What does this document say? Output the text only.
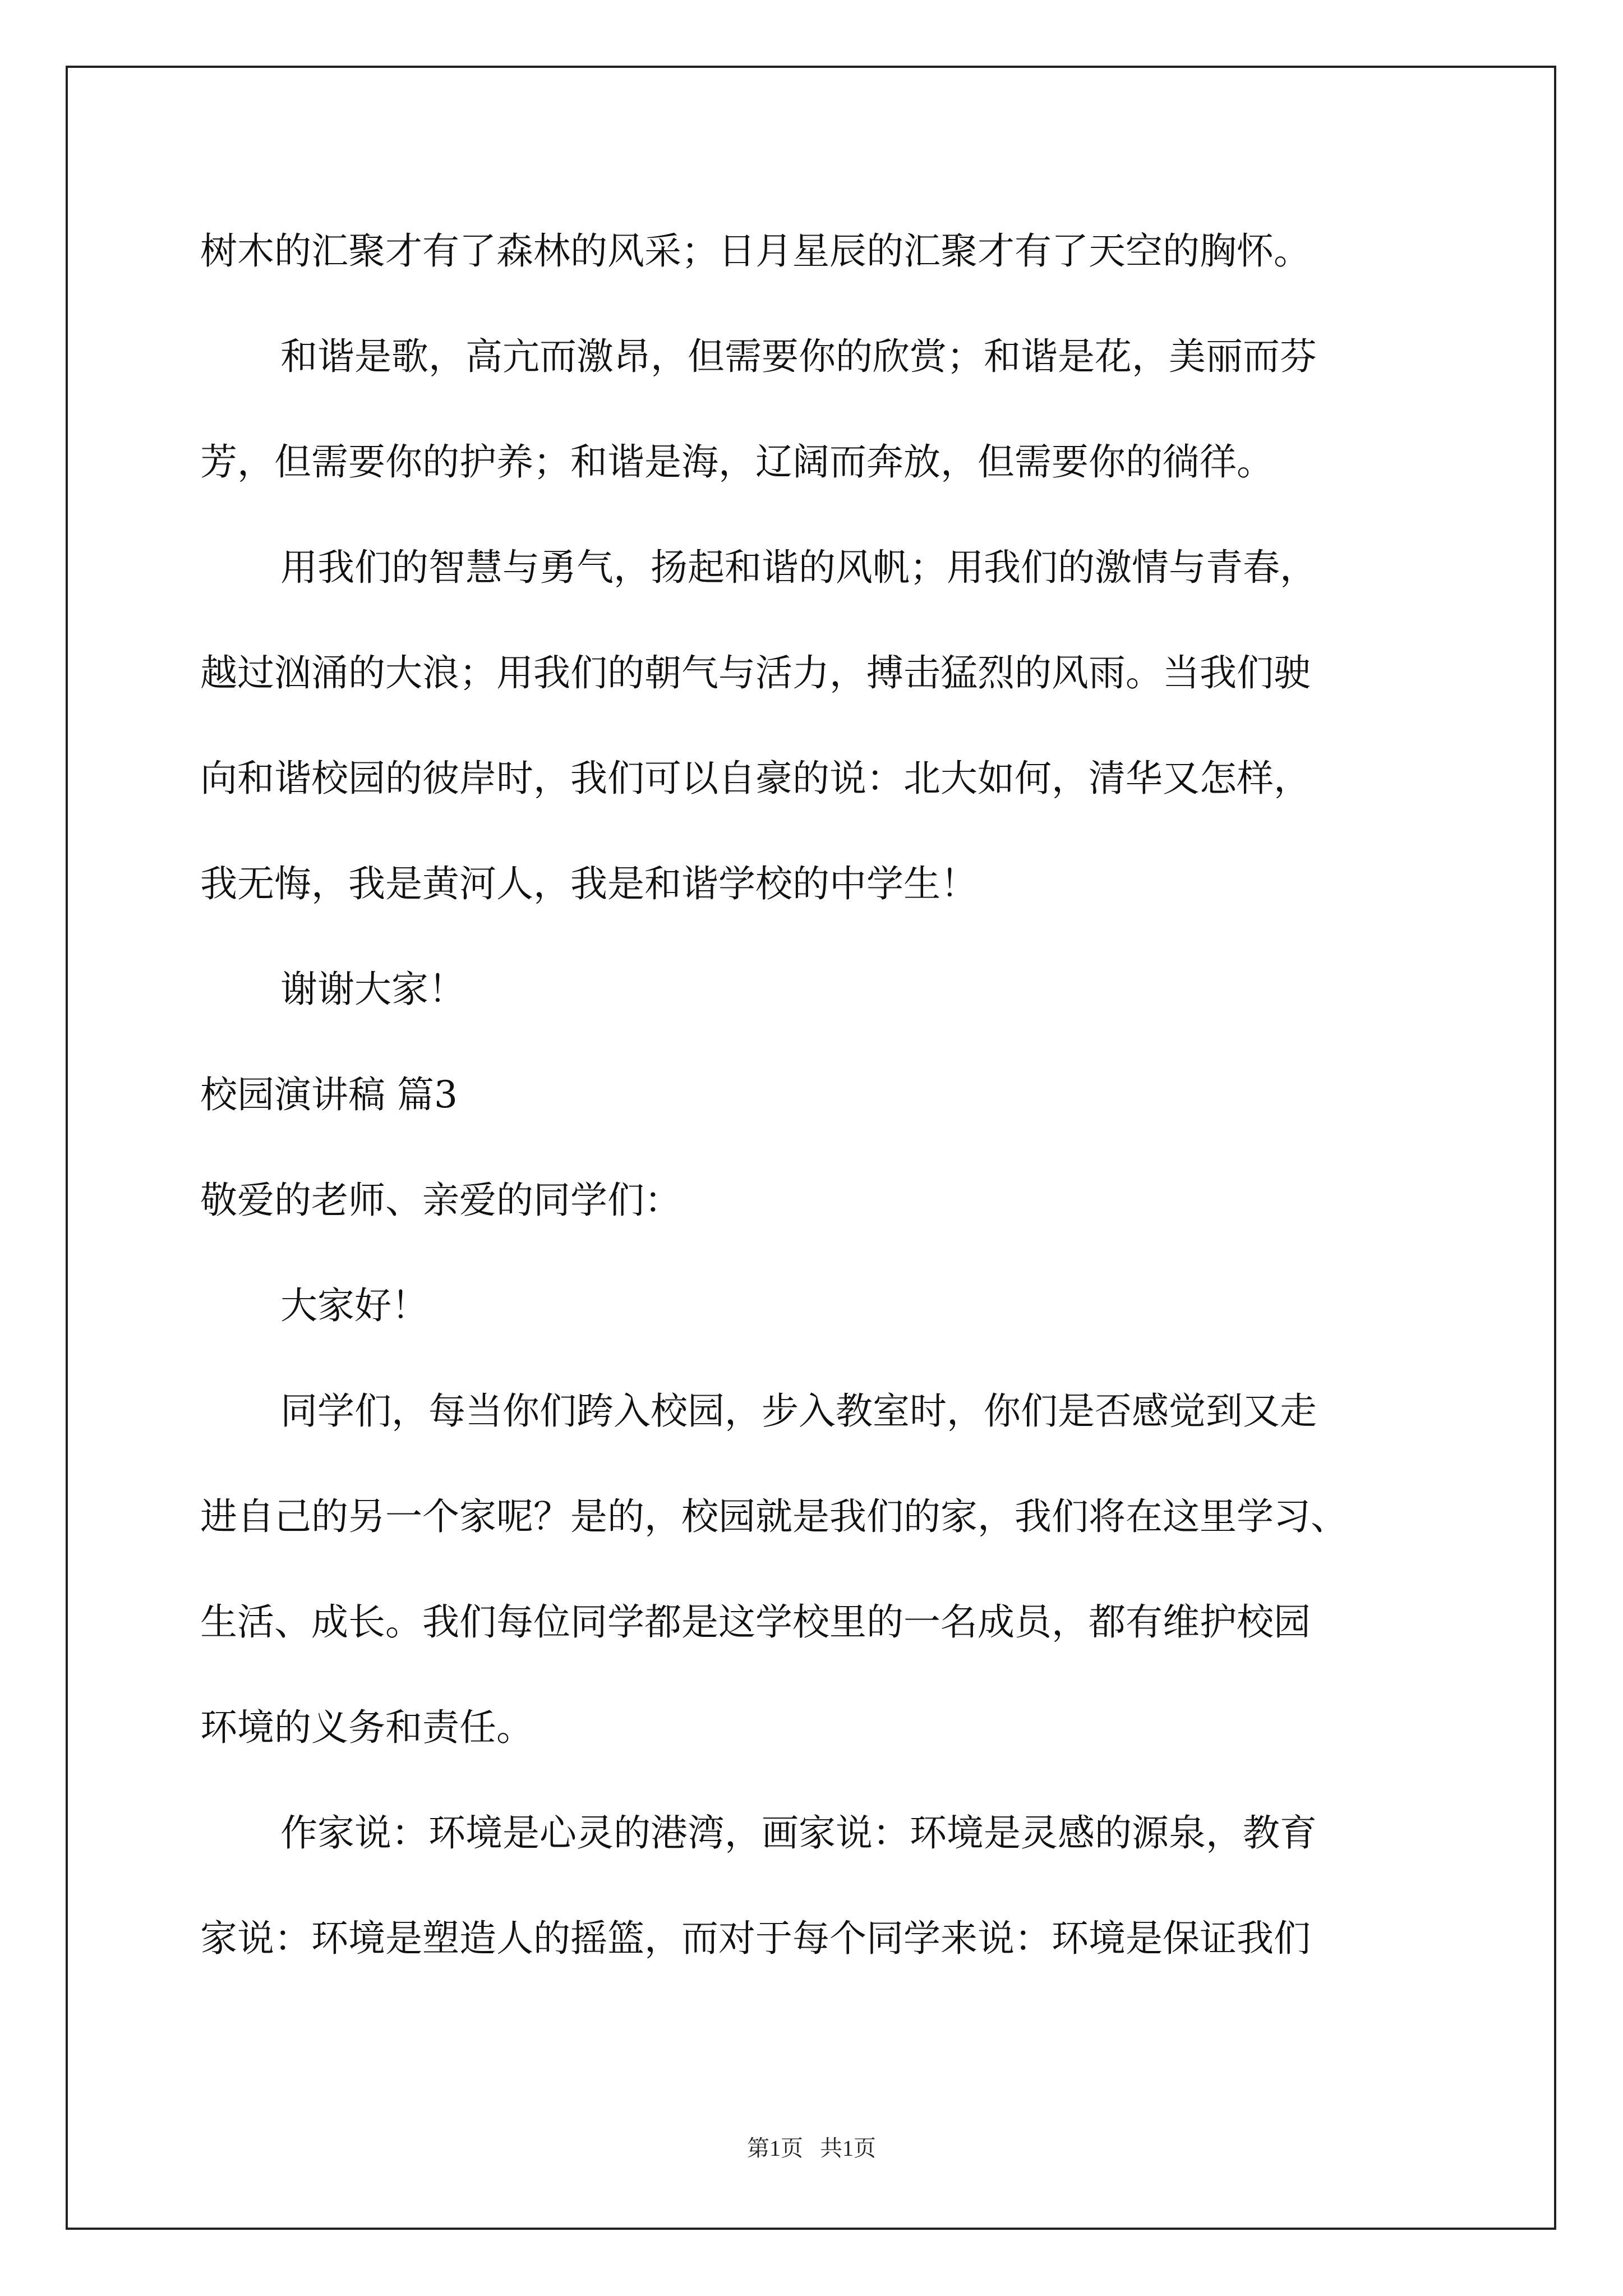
树木的汇聚才有了森林的风采；日月星辰的汇聚才有了天空的胸怀。
和谐是歌，高亢而激昂，但需要你的欣赏；和谐是花，美丽而芬
芳，但需要你的护养；和谐是海，辽阔而奔放，但需要你的徜徉。
用我们的智慧与勇气，扬起和谐的风帆；用我们的激情与青春，
越过汹涌的大浪；用我们的朝气与活力，搏击猛烈的风雨。当我们驶
向和谐校园的彼岸时，我们可以自豪的说：北大如何，清华又怎样，
我无悔，我是黄河人，我是和谐学校的中学生！
谢谢大家！
校园演讲稿 篇3
敬爱的老师、亲爱的同学们：
大家好！
同学们，每当你们跨入校园，步入教室时，你们是否感觉到又走
进自己的另一个家呢？是的，校园就是我们的家，我们将在这里学习、
生活、成长。我们每位同学都是这学校里的一名成员，都有维护校园
环境的义务和责任。
作家说：环境是心灵的港湾，画家说：环境是灵感的源泉，教育
家说：环境是塑造人的摇篮，而对于每个同学来说：环境是保证我们
第1页   共1页
